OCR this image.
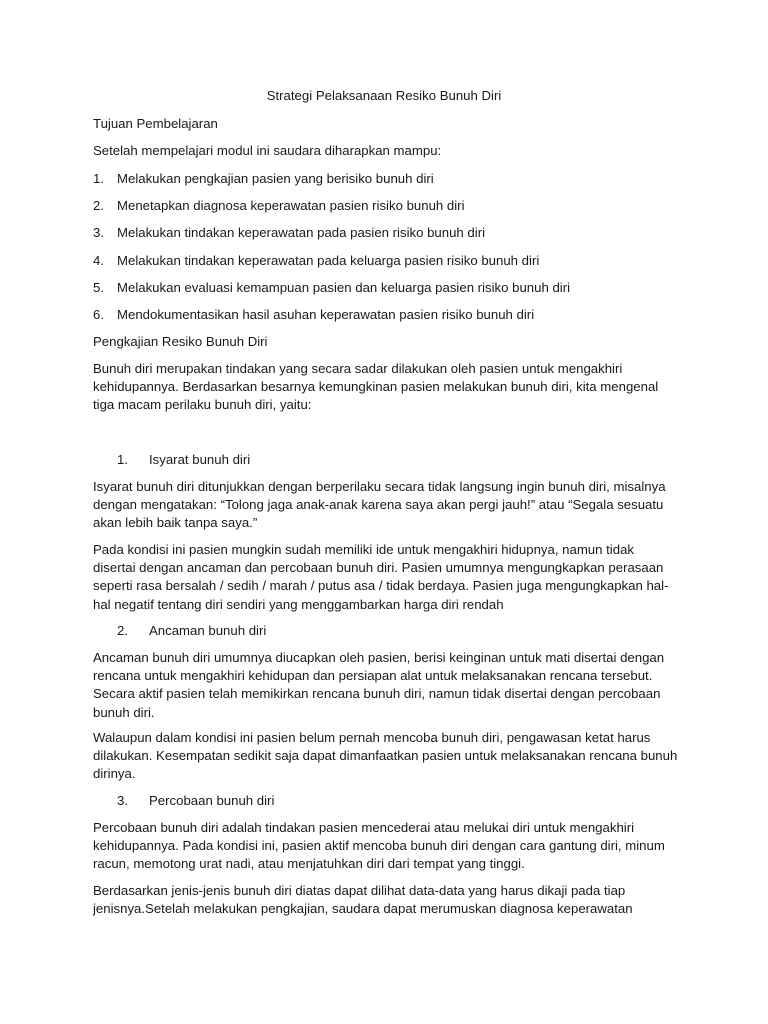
Strategi Pelaksanaan Resiko Bunuh Diri
Tujuan Pembelajaran
Setelah mempelajari modul ini saudara diharapkan mampu:
1. Melakukan pengkajian pasien yang berisiko bunuh diri
2. Menetapkan diagnosa keperawatan pasien risiko bunuh diri
3. Melakukan tindakan keperawatan pada pasien risiko bunuh diri
4. Melakukan tindakan keperawatan pada keluarga pasien risiko bunuh diri
5. Melakukan evaluasi kemampuan pasien dan keluarga pasien risiko bunuh diri
6. Mendokumentasikan hasil asuhan keperawatan pasien risiko bunuh diri
Pengkajian Resiko Bunuh Diri
Bunuh diri merupakan tindakan yang secara sadar dilakukan oleh pasien untuk mengakhiri
kehidupannya. Berdasarkan besarnya kemungkinan pasien melakukan bunuh diri, kita mengenal
tiga macam perilaku bunuh diri, yaitu:
1. Isyarat bunuh diri
Isyarat bunuh diri ditunjukkan dengan berperilaku secara tidak langsung ingin bunuh diri, misalnya
dengan mengatakan: “Tolong jaga anak-anak karena saya akan pergi jauh!” atau “Segala sesuatu
akan lebih baik tanpa saya.”
Pada kondisi ini pasien mungkin sudah memiliki ide untuk mengakhiri hidupnya, namun tidak
disertai dengan ancaman dan percobaan bunuh diri. Pasien umumnya mengungkapkan perasaan
seperti rasa bersalah / sedih / marah / putus asa / tidak berdaya. Pasien juga mengungkapkan hal-
hal negatif tentang diri sendiri yang menggambarkan harga diri rendah
2. Ancaman bunuh diri
Ancaman bunuh diri umumnya diucapkan oleh pasien, berisi keinginan untuk mati disertai dengan
rencana untuk mengakhiri kehidupan dan persiapan alat untuk melaksanakan rencana tersebut.
Secara aktif pasien telah memikirkan rencana bunuh diri, namun tidak disertai dengan percobaan
bunuh diri.
Walaupun dalam kondisi ini pasien belum pernah mencoba bunuh diri, pengawasan ketat harus
dilakukan. Kesempatan sedikit saja dapat dimanfaatkan pasien untuk melaksanakan rencana bunuh
dirinya.
3. Percobaan bunuh diri
Percobaan bunuh diri adalah tindakan pasien mencederai atau melukai diri untuk mengakhiri
kehidupannya. Pada kondisi ini, pasien aktif mencoba bunuh diri dengan cara gantung diri, minum
racun, memotong urat nadi, atau menjatuhkan diri dari tempat yang tinggi.
Berdasarkan jenis-jenis bunuh diri diatas dapat dilihat data-data yang harus dikaji pada tiap
jenisnya.Setelah melakukan pengkajian, saudara dapat merumuskan diagnosa keperawatan
